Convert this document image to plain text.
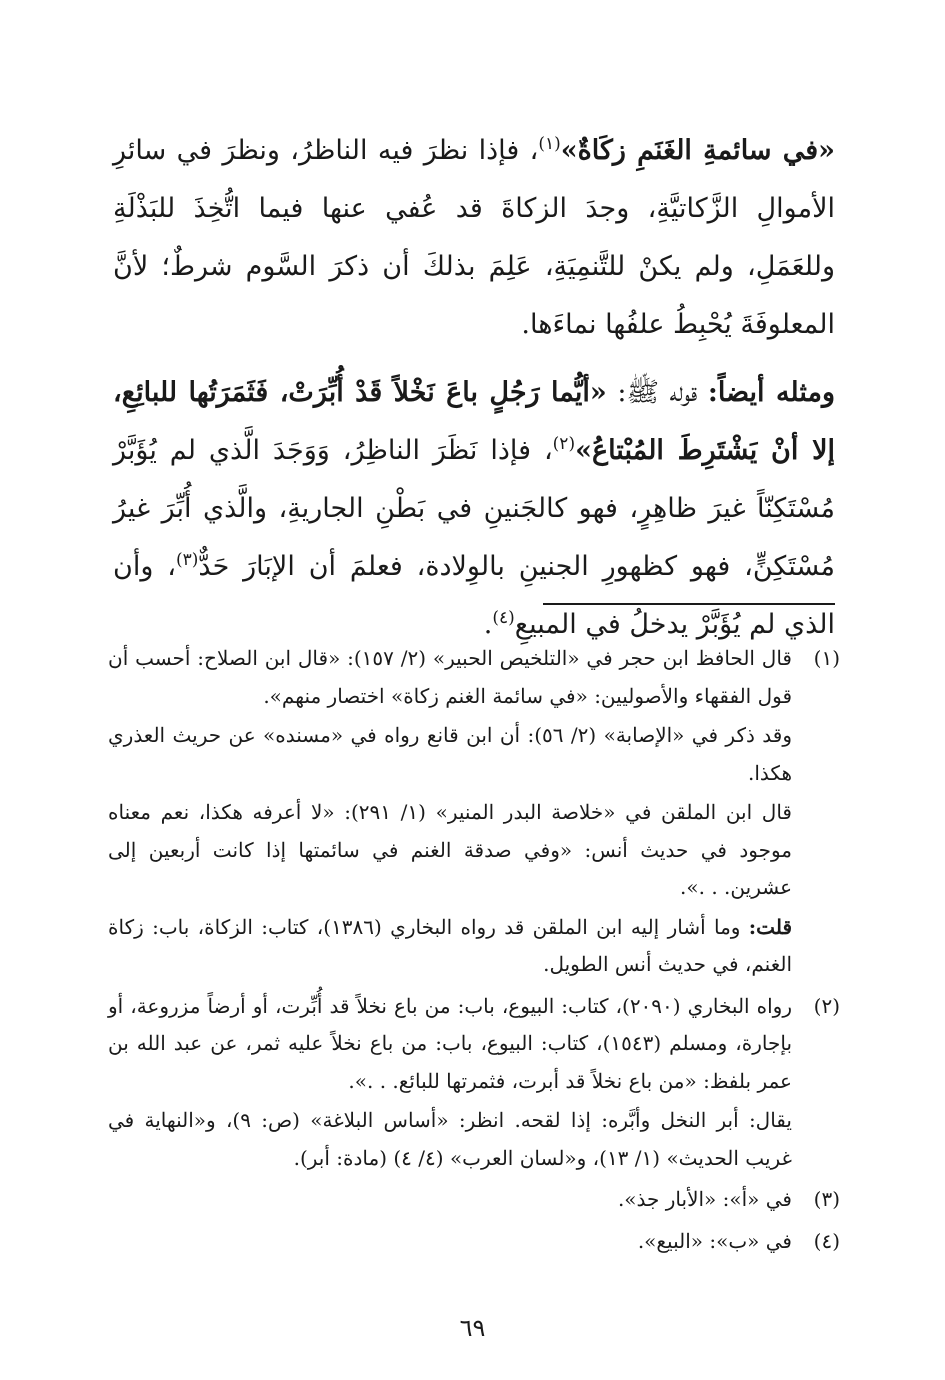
«في سائمةِ الغَنَمِ زكَاةٌ»$^{(١)}$، فإذا نظرَ فيه الناظرُ، ونظرَ في سائرِ الأموالِ الزَّكاتيَّةِ، وجدَ الزكاةَ قد عُفي عنها فيما اتُّخِذَ للبَذْلَةِ وللعَمَلِ، ولم يكنْ للتَّنمِيَةِ، عَلِمَ بذلكَ أن ذكرَ السَّوم شرطٌ؛ لأنَّ المعلوفَةَ يُحْبِطُ علفُها نماءَها.

ومثله أيضاً: قوله ﷺ: «أيُّما رَجُلٍ باعَ نَخْلاً قَدْ أُبِّرَتْ، فَثَمَرَتُها للبائِعِ، إلا أنْ يَشْتَرِطَ المُبْتاعُ»$^{(٢)}$، فإذا نَظَرَ الناظِرُ، وَوَجَدَ الَّذي لم يُؤَبَّرْ مُسْتَكِنّاً غيرَ ظاهِرٍ، فهو كالجَنينِ في بَطْنِ الجاريةِ، والَّذي أُبِّرَ غيرُ مُسْتَكِنٍّ، فهو كظهورِ الجنينِ بالوِلادة، فعلمَ أن الإبَارَ حَدٌّ$^{(٣)}$، وأن الذي لم يُؤَبَّرْ يدخلُ في المبيعِ$^{(٤)}$.

(١)

قال الحافظ ابن حجر في «التلخيص الحبير» (٢/ ١٥٧): «قال ابن الصلاح: أحسب أن قول الفقهاء والأصوليين: «في سائمة الغنم زكاة» اختصار منهم».

وقد ذكر في «الإصابة» (٢/ ٥٦): أن ابن قانع رواه في «مسنده» عن حريث العذري هكذا.

قال ابن الملقن في «خلاصة البدر المنير» (١/ ٢٩١): «لا أعرفه هكذا، نعم معناه موجود في حديث أنس: «وفي صدقة الغنم في سائمتها إذا كانت أربعين إلى عشرين. . .».

قلت: وما أشار إليه ابن الملقن قد رواه البخاري (١٣٨٦)، كتاب: الزكاة، باب: زكاة الغنم، في حديث أنس الطويل.

(٢)

رواه البخاري (٢٠٩٠)، كتاب: البيوع، باب: من باع نخلاً قد أُبِّرت، أو أرضاً مزروعة، أو بإجارة، ومسلم (١٥٤٣)، كتاب: البيوع، باب: من باع نخلاً عليه ثمر، عن عبد الله بن عمر بلفظ: «من باع نخلاً قد أبرت، فثمرتها للبائع. . .».

يقال: أبر النخل وأبَّره: إذا لقحه. انظر: «أساس البلاغة» (ص: ٩)، و«النهاية في غريب الحديث» (١/ ١٣)، و«لسان العرب» (٤/ ٤) (مادة: أبر).

(٣)

في «أ»: «الأبار جذ».

(٤)

في «ب»: «البيع».

٦٩
